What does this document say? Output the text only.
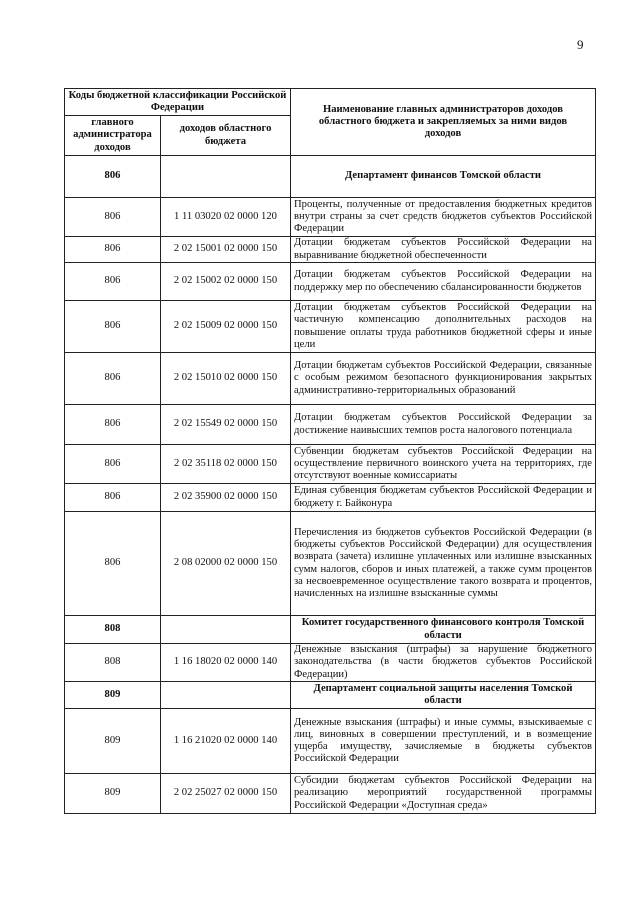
9
Коды бюджетной классификации Российской Федерации		Наименование главных администраторов доходов областного бюджета и закрепляемых за ними видов доходов
главного администратора доходов	доходов областного бюджета	
806		Департамент финансов Томской области
806	1 11 03020 02 0000 120	Проценты, полученные от предоставления бюджетных кредитов внутри страны за счет средств бюджетов субъектов Российской Федерации
806	2 02 15001 02 0000 150	Дотации бюджетам субъектов Российской Федерации на выравнивание бюджетной обеспеченности
806	2 02 15002 02 0000 150	Дотации бюджетам субъектов Российской Федерации на поддержку мер по обеспечению сбалансированности бюджетов
806	2 02 15009 02 0000 150	Дотации бюджетам субъектов Российской Федерации на частичную компенсацию дополнительных расходов на повышение оплаты труда работников бюджетной сферы и иные цели
806	2 02 15010 02 0000 150	Дотации бюджетам субъектов Российской Федерации, связанные с особым режимом безопасного функционирования закрытых административно-территориальных образований
806	2 02 15549 02 0000 150	Дотации бюджетам субъектов Российской Федерации за достижение наивысших темпов роста налогового потенциала
806	2 02 35118 02 0000 150	Субвенции бюджетам субъектов Российской Федерации на осуществление первичного воинского учета на территориях, где отсутствуют военные комиссариаты
806	2 02 35900 02 0000 150	Единая субвенция бюджетам субъектов Российской Федерации и бюджету г. Байконура
806	2 08 02000 02 0000 150	Перечисления из бюджетов субъектов Российской Федерации (в бюджеты субъектов Российской Федерации) для осуществления возврата (зачета) излишне уплаченных или излишне взысканных сумм налогов, сборов и иных платежей, а также сумм процентов за несвоевременное осуществление такого возврата и процентов, начисленных на излишне взысканные суммы
808		Комитет государственного финансового контроля Томской области
808	1 16 18020 02 0000 140	Денежные взыскания (штрафы) за нарушение бюджетного законодательства (в части бюджетов субъектов Российской Федерации)
809		Департамент социальной защиты населения Томской области
809	1 16 21020 02 0000 140	Денежные взыскания (штрафы) и иные суммы, взыскиваемые с лиц, виновных в совершении преступлений, и в возмещение ущерба имуществу, зачисляемые в бюджеты субъектов Российской Федерации
809	2 02 25027 02 0000 150	Субсидии бюджетам субъектов Российской Федерации на реализацию мероприятий государственной программы Российской Федерации «Доступная среда»
